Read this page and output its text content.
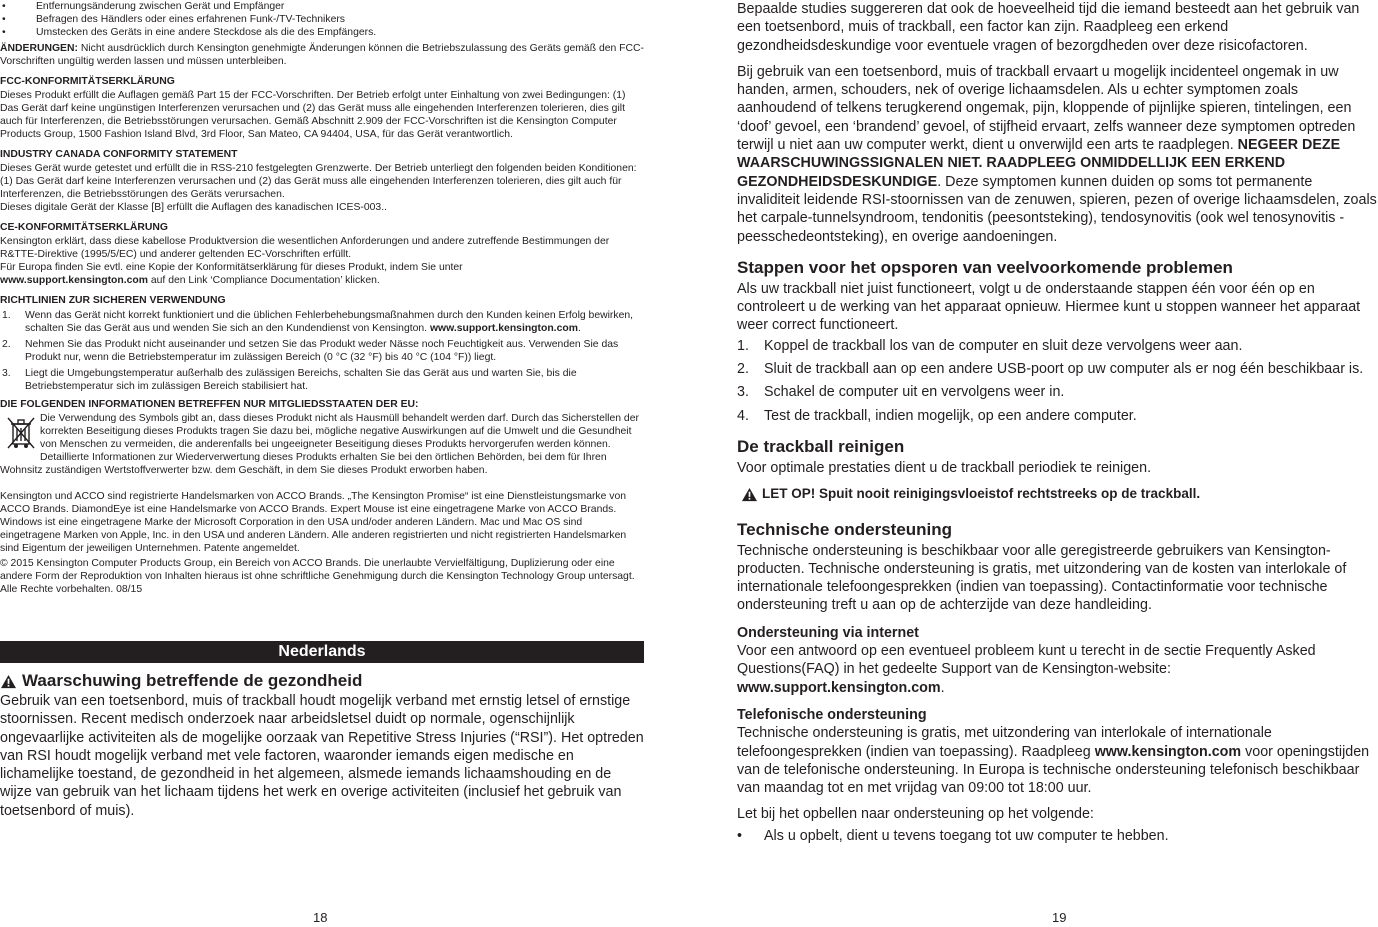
• Entfernungsänderung zwischen Gerät und Empfänger
• Befragen des Händlers oder eines erfahrenen Funk-/TV-Technikers
• Umstecken des Geräts in eine andere Steckdose als die des Empfängers.

ÄNDERUNGEN: Nicht ausdrücklich durch Kensington genehmigte Änderungen können die Betriebszulassung des Geräts gemäß den FCC-Vorschriften ungültig werden lassen und müssen unterbleiben.

FCC-KONFORMITÄTSERKLÄRUNG

Dieses Produkt erfüllt die Auflagen gemäß Part 15 der FCC-Vorschriften. Der Betrieb erfolgt unter Einhaltung von zwei Bedingungen: (1) Das Gerät darf keine ungünstigen Interferenzen verursachen und (2) das Gerät muss alle eingehenden Interferenzen tolerieren, dies gilt auch für Interferenzen, die Betriebsstörungen verursachen. Gemäß Abschnitt 2.909 der FCC-Vorschriften ist die Kensington Computer Products Group, 1500 Fashion Island Blvd, 3rd Floor, San Mateo, CA 94404, USA, für das Gerät verantwortlich.

INDUSTRY CANADA CONFORMITY STATEMENT

Dieses Gerät wurde getestet und erfüllt die in RSS-210 festgelegten Grenzwerte. Der Betrieb unterliegt den folgenden beiden Konditionen: (1) Das Gerät darf keine Interferenzen verursachen und (2) das Gerät muss alle eingehenden Interferenzen tolerieren, dies gilt auch für Interferenzen, die Betriebsstörungen des Geräts verursachen.

Dieses digitale Gerät der Klasse [B] erfüllt die Auflagen des kanadischen ICES-003..

CE-KONFORMITÄTSERKLÄRUNG

Kensington erklärt, dass diese kabellose Produktversion die wesentlichen Anforderungen und andere zutreffende Bestimmungen der R&TTE-Direktive (1995/5/EC) und anderer geltenden EC-Vorschriften erfüllt.

Für Europa finden Sie evtl. eine Kopie der Konformitätserklärung für dieses Produkt, indem Sie unter

www.support.kensington.com auf den Link ‘Compliance Documentation’ klicken.

RICHTLINIEN ZUR SICHEREN VERWENDUNG

1.	Wenn das Gerät nicht korrekt funktioniert und die üblichen Fehlerbehebungsmaßnahmen durch den Kunden keinen Erfolg bewirken, schalten Sie das Gerät aus und wenden Sie sich an den Kundendienst von Kensington. www.support.kensington.com.
2.	Nehmen Sie das Produkt nicht auseinander und setzen Sie das Produkt weder Nässe noch Feuchtigkeit aus. Verwenden Sie das Produkt nur, wenn die Betriebstemperatur im zulässigen Bereich (0 °C (32 °F) bis 40 °C (104 °F)) liegt.
3.	Liegt die Umgebungstemperatur außerhalb des zulässigen Bereichs, schalten Sie das Gerät aus und warten Sie, bis die Betriebstemperatur sich im zulässigen Bereich stabilisiert hat.

DIE FOLGENDEN INFORMATIONEN BETREFFEN NUR MITGLIEDSSTAATEN DER EU:

Die Verwendung des Symbols gibt an, dass dieses Produkt nicht als Hausmüll behandelt werden darf. Durch das Sicherstellen der korrekten Beseitigung dieses Produkts tragen Sie dazu bei, mögliche negative Auswirkungen auf die Umwelt und die Gesundheit von Menschen zu vermeiden, die anderenfalls bei ungeeigneter Beseitigung dieses Produkts hervorgerufen werden können. Detaillierte Informationen zur Wiederverwertung dieses Produkts erhalten Sie bei den örtlichen Behörden, bei dem für Ihren Wohnsitz zuständigen Wertstoffverwerter bzw. dem Geschäft, in dem Sie dieses Produkt erworben haben.

Kensington und ACCO sind registrierte Handelsmarken von ACCO Brands. „The Kensington Promise“ ist eine Dienstleistungsmarke von ACCO Brands. DiamondEye ist eine Handelsmarke von ACCO Brands. Expert Mouse ist eine eingetragene Marke von ACCO Brands. Windows ist eine eingetragene Marke der Microsoft Corporation in den USA und/oder anderen Ländern. Mac und Mac OS sind eingetragene Marken von Apple, Inc. in den USA und anderen Ländern. Alle anderen registrierten und nicht registrierten Handelsmarken sind Eigentum der jeweiligen Unternehmen. Patente angemeldet.

© 2015 Kensington Computer Products Group, ein Bereich von ACCO Brands. Die unerlaubte Vervielfältigung, Duplizierung oder eine andere Form der Reproduktion von Inhalten hieraus ist ohne schriftliche Genehmigung durch die Kensington Technology Group untersagt. Alle Rechte vorbehalten. 08/15

Nederlands
Waarschuwing betreffende de gezondheid

Gebruik van een toetsenbord, muis of trackball houdt mogelijk verband met ernstig letsel of ernstige stoornissen. Recent medisch onderzoek naar arbeidsletsel duidt op normale, ogenschijnlijk ongevaarlijke activiteiten als de mogelijke oorzaak van Repetitive Stress Injuries (“RSI”). Het optreden van RSI houdt mogelijk verband met vele factoren, waaronder iemands eigen medische en lichamelijke toestand, de gezondheid in het algemeen, alsmede iemands lichaamshouding en de wijze van gebruik van het lichaam tijdens het werk en overige activiteiten (inclusief het gebruik van toetsenbord of muis).

18

Bepaalde studies suggereren dat ook de hoeveelheid tijd die iemand besteedt aan het gebruik van een toetsenbord, muis of trackball, een factor kan zijn. Raadpleeg een erkend gezondheidsdeskundige voor eventuele vragen of bezorgdheden over deze risicofactoren.

Bij gebruik van een toetsenbord, muis of trackball ervaart u mogelijk incidenteel ongemak in uw handen, armen, schouders, nek of overige lichaamsdelen. Als u echter symptomen zoals aanhoudend of telkens terugkerend ongemak, pijn, kloppende of pijnlijke spieren, tintelingen, een ‘doof’ gevoel, een ‘brandend’ gevoel, of stijfheid ervaart, zelfs wanneer deze symptomen optreden terwijl u niet aan uw computer werkt, dient u onverwijld een arts te raadplegen. NEGEER DEZE WAARSCHUWINGSSIGNALEN NIET. RAADPLEEG ONMIDDELLIJK EEN ERKEND GEZONDHEIDSDESKUNDIGE. Deze symptomen kunnen duiden op soms tot permanente invaliditeit leidende RSI-stoornissen van de zenuwen, spieren, pezen of overige lichaamsdelen, zoals het carpale-tunnelsyndroom, tendonitis (peesontsteking), tendosynovitis (ook wel tenosynovitis - peesschedeontsteking), en overige aandoeningen.

Stappen voor het opsporen van veelvoorkomende problemen

Als uw trackball niet juist functioneert, volgt u de onderstaande stappen één voor één op en controleert u de werking van het apparaat opnieuw. Hiermee kunt u stoppen wanneer het apparaat weer correct functioneert.

1.	Koppel de trackball los van de computer en sluit deze vervolgens weer aan.
2.	Sluit de trackball aan op een andere USB-poort op uw computer als er nog één beschikbaar is.
3.	Schakel de computer uit en vervolgens weer in.
4.	Test de trackball, indien mogelijk, op een andere computer.
De trackball reinigen

Voor optimale prestaties dient u de trackball periodiek te reinigen.

LET OP! Spuit nooit reinigingsvloeistof rechtstreeks op de trackball.
Technische ondersteuning

Technische ondersteuning is beschikbaar voor alle geregistreerde gebruikers van Kensington-producten. Technische ondersteuning is gratis, met uitzondering van de kosten van interlokale of internationale telefoongesprekken (indien van toepassing). Contactinformatie voor technische ondersteuning treft u aan op de achterzijde van deze handleiding.

Ondersteuning via internet

Voor een antwoord op een eventueel probleem kunt u terecht in de sectie Frequently Asked Questions(FAQ) in het gedeelte Support van de Kensington-website: www.support.kensington.com.

Telefonische ondersteuning

Technische ondersteuning is gratis, met uitzondering van interlokale of internationale telefoongesprekken (indien van toepassing). Raadpleeg www.kensington.com voor openingstijden van de telefonische ondersteuning. In Europa is technische ondersteuning telefonisch beschikbaar van maandag tot en met vrijdag van 09:00 tot 18:00 uur.

Let bij het opbellen naar ondersteuning op het volgende:

•	Als u opbelt, dient u tevens toegang tot uw computer te hebben.
19
